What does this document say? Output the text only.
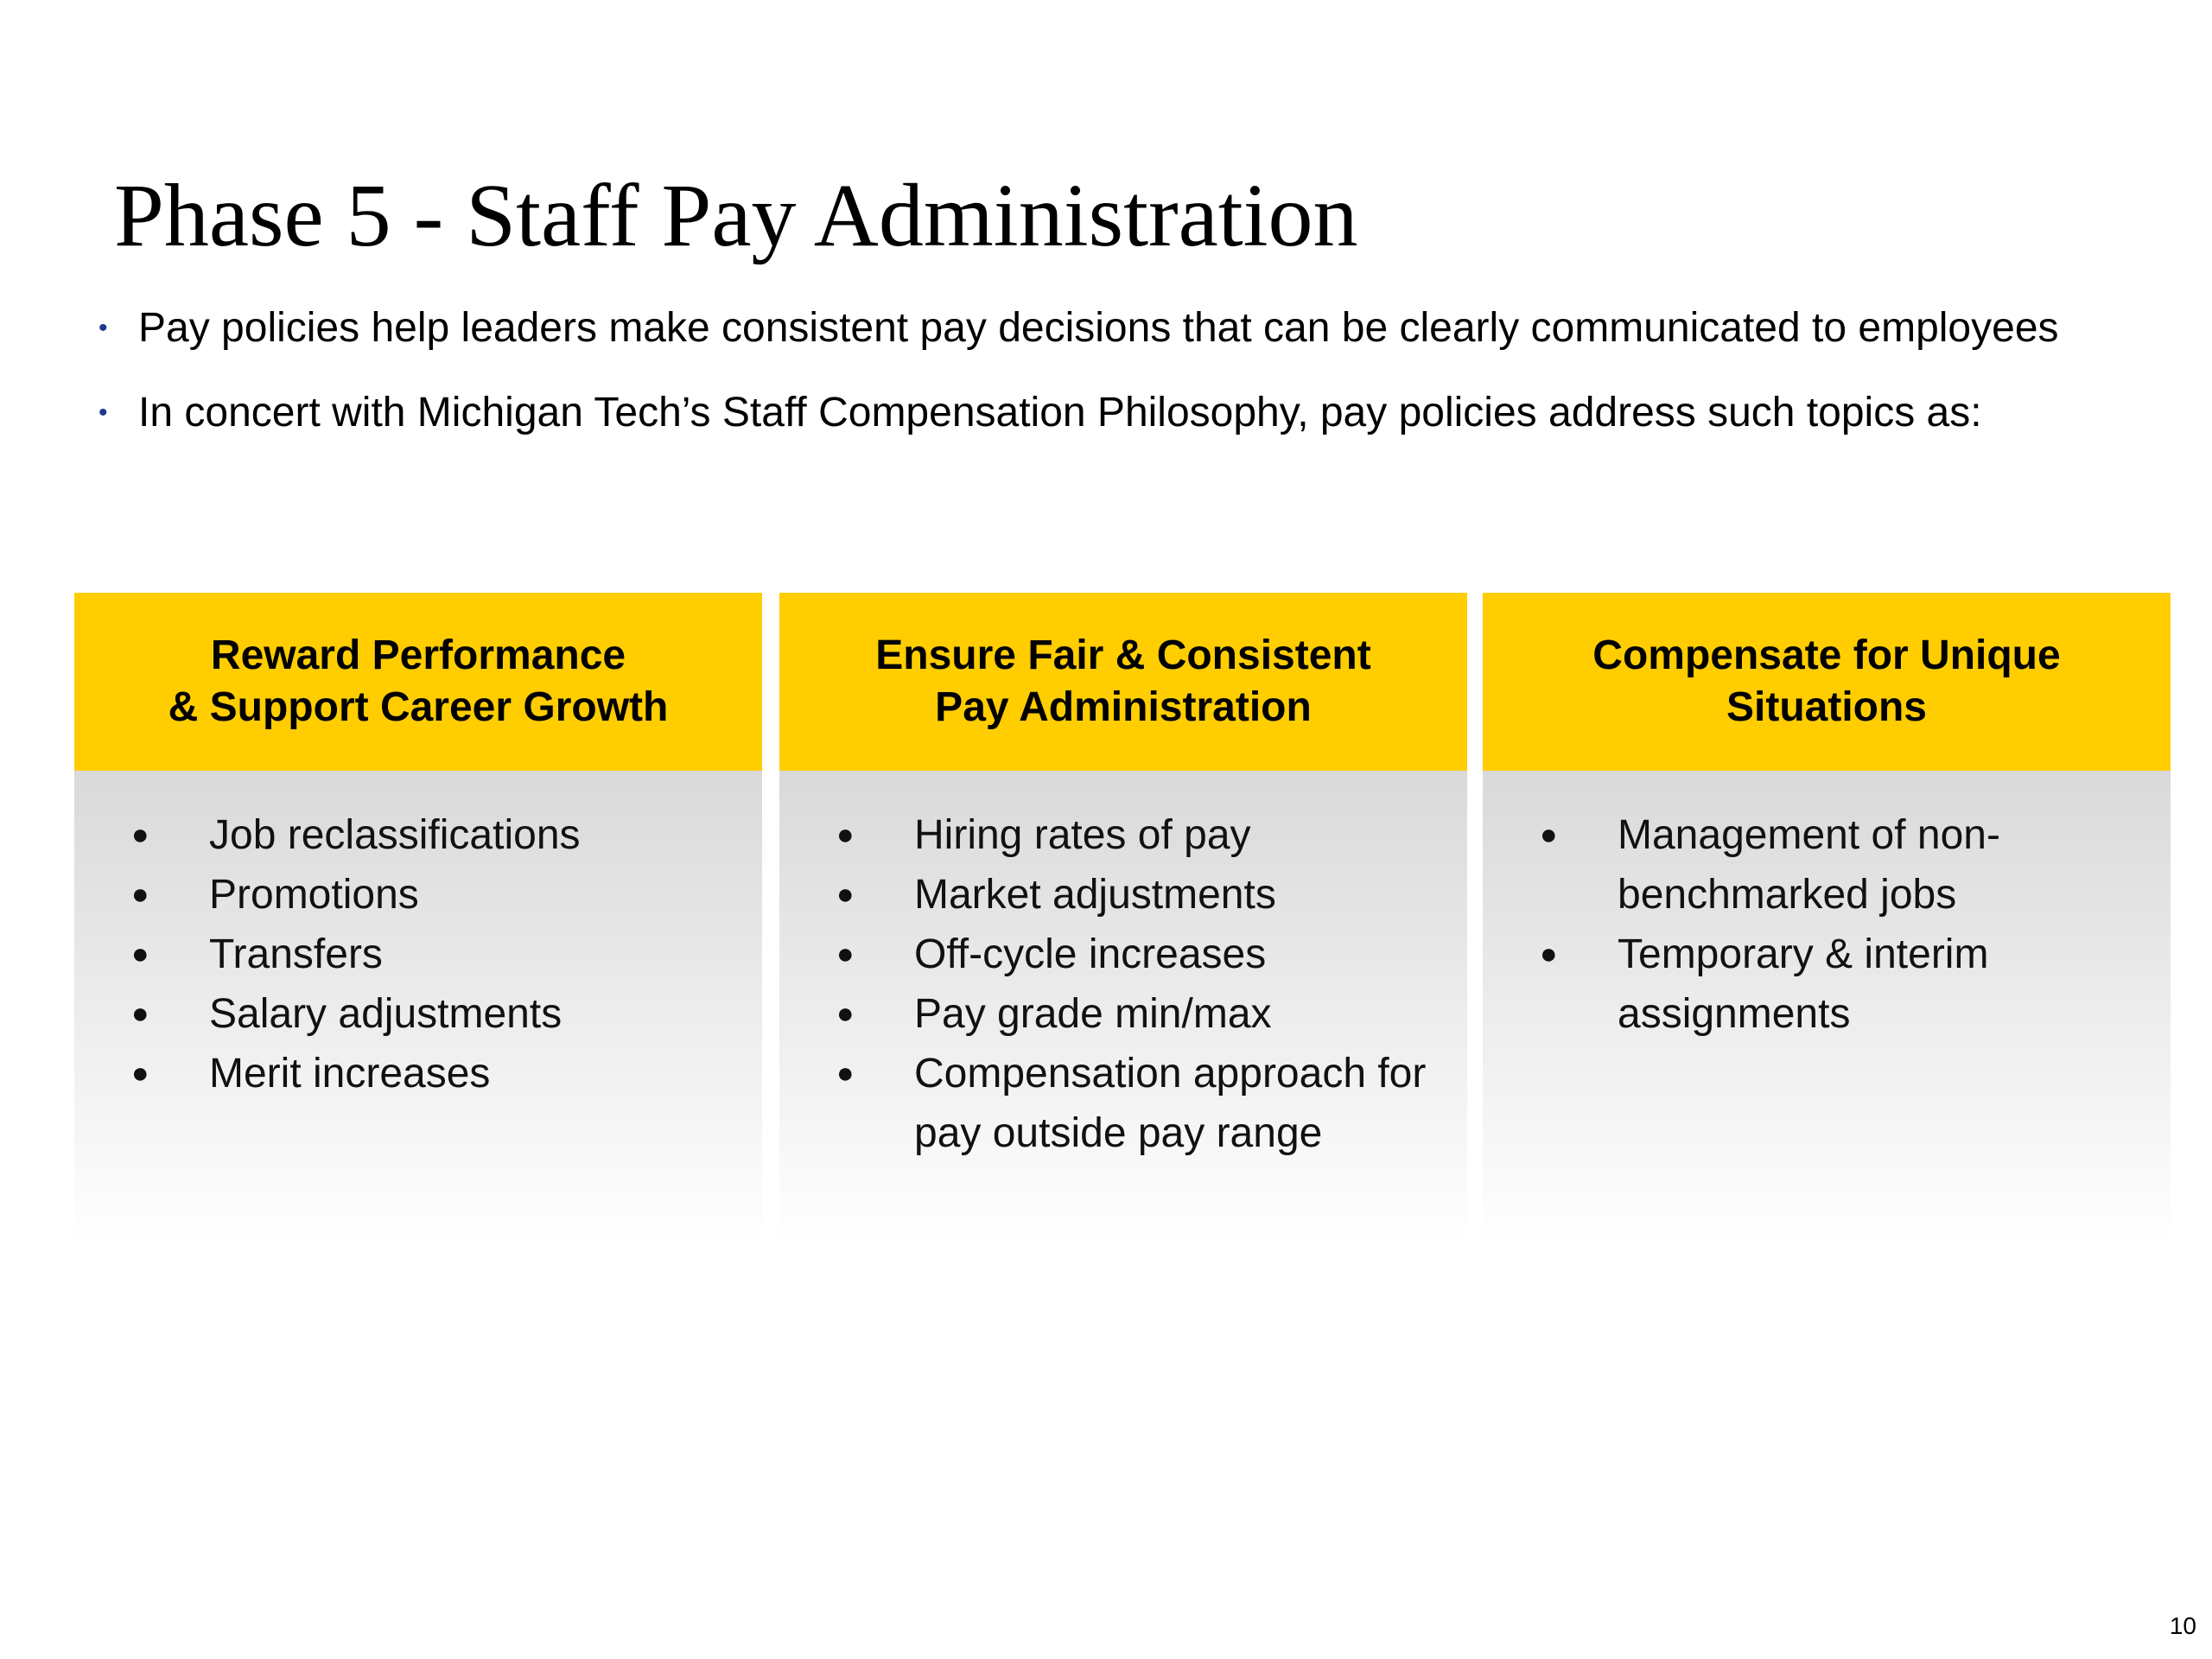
Phase 5 - Staff Pay Administration
• Pay policies help leaders make consistent pay decisions that can be clearly communicated to employees
• In concert with Michigan Tech’s Staff Compensation Philosophy, pay policies address such topics as:
Reward Performance
& Support Career Growth
● Job reclassifications
● Promotions
● Transfers
● Salary adjustments
● Merit increases
Ensure Fair & Consistent
Pay Administration
● Hiring rates of pay
● Market adjustments
● Off-cycle increases
● Pay grade min/max
● Compensation approach for pay outside pay range
Compensate for Unique
Situations
● Management of non-benchmarked jobs
● Temporary & interim assignments
10
